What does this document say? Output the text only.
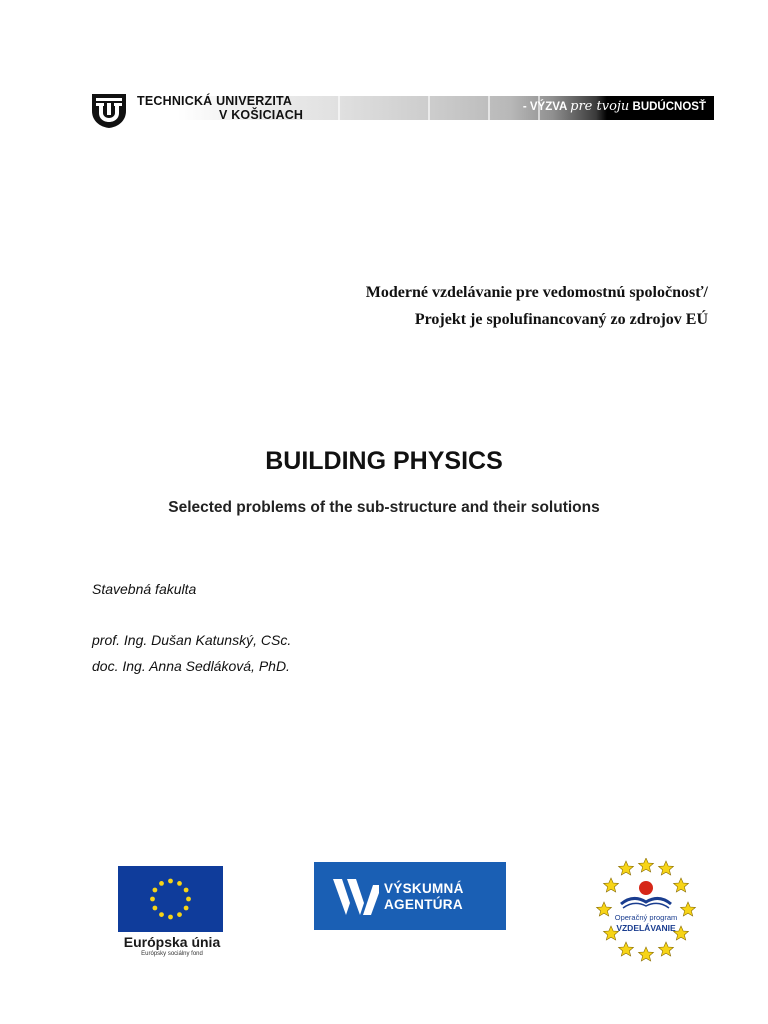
TECHNICKÁ UNIVERZITA
V KOŠICIACH
- VÝZVA pre tvoju BUDÚCNOSŤ
Moderné vzdelávanie pre vedomostnú spoločnosť/
Projekt je spolufinancovaný zo zdrojov EÚ
BUILDING PHYSICS
Selected problems of the sub-structure and their solutions
Stavebná fakulta
prof. Ing. Dušan Katunský, CSc.
doc. Ing. Anna Sedláková, PhD.
Európska únia
Európsky sociálny fond
VÝSKUMNÁ
AGENTÚRA
Operačný program
VZDELÁVANIE
